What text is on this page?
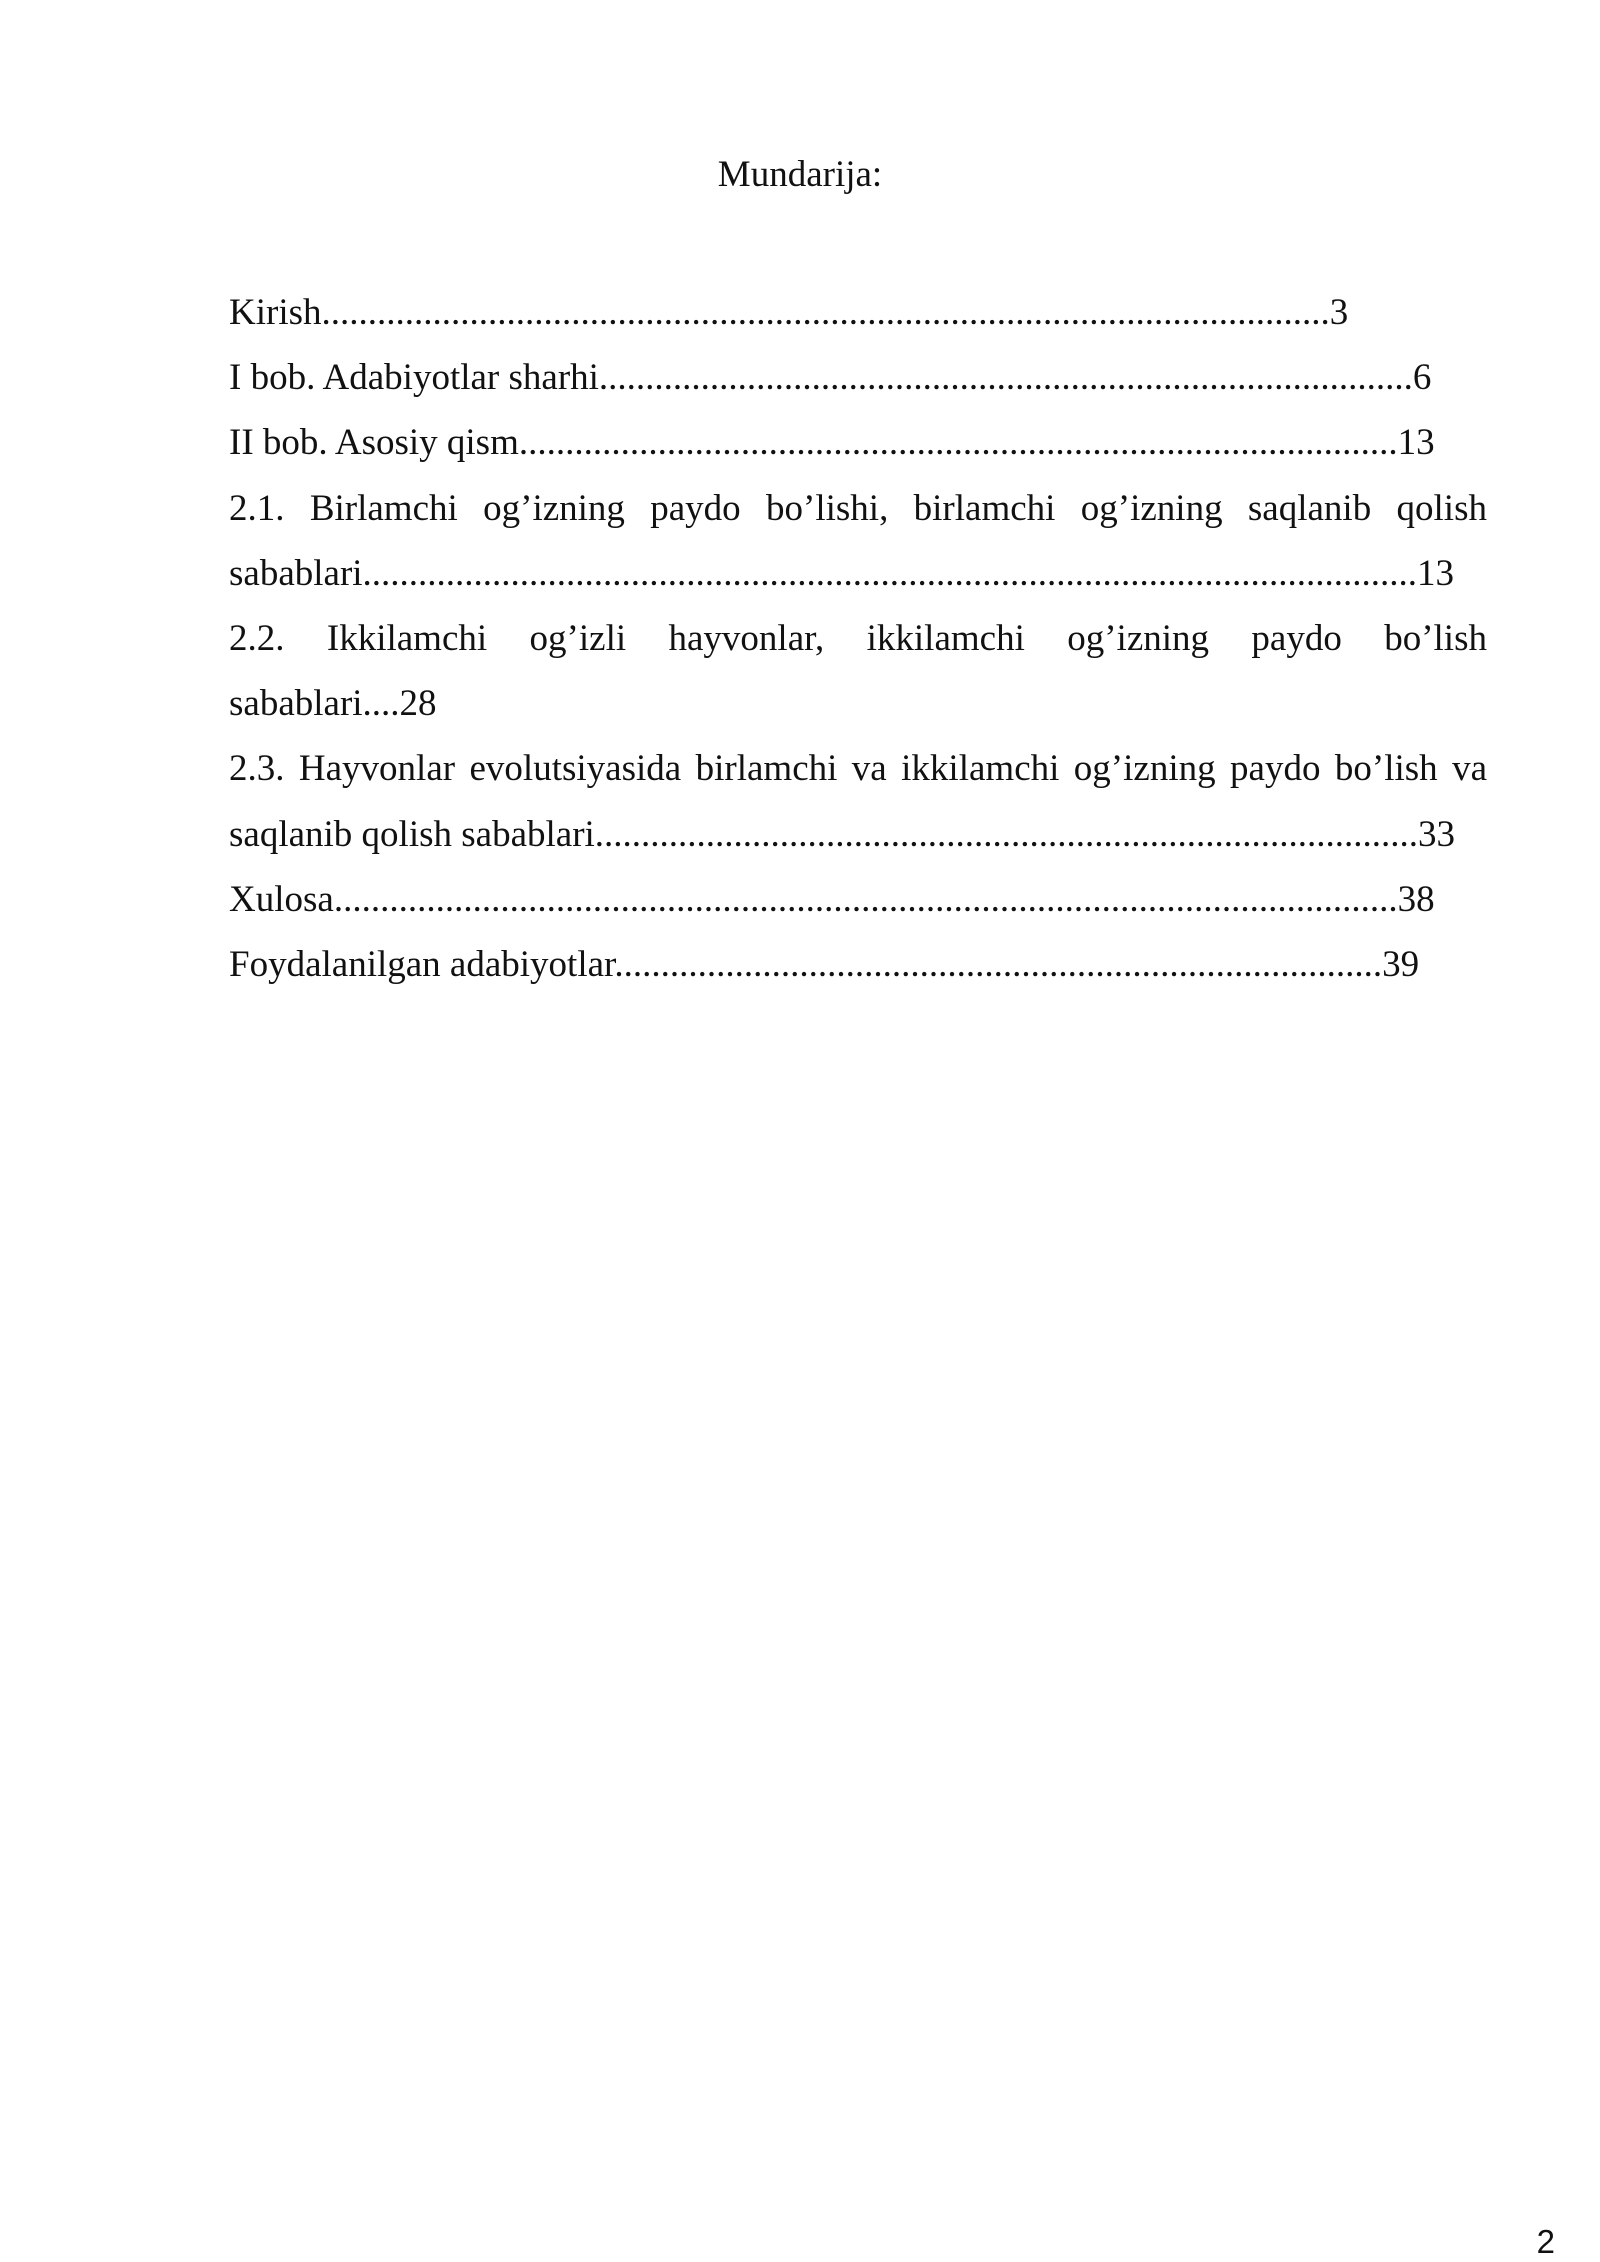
Mundarija:
Kirish.............................................................................................................3
I bob. Adabiyotlar sharhi........................................................................................6
II bob. Asosiy qism...............................................................................................13
2.1. Birlamchi og’izning paydo bo’lishi, birlamchi og’izning saqlanib qolish
sabablari..................................................................................................................13
2.2. Ikkilamchi og’izli hayvonlar, ikkilamchi og’izning paydo bo’lish
sabablari....28
2.3. Hayvonlar evolutsiyasida birlamchi va ikkilamchi og’izning paydo bo’lish va
saqlanib qolish sabablari.........................................................................................33
Xulosa...................................................................................................................38
Foydalanilgan adabiyotlar...................................................................................39
2
